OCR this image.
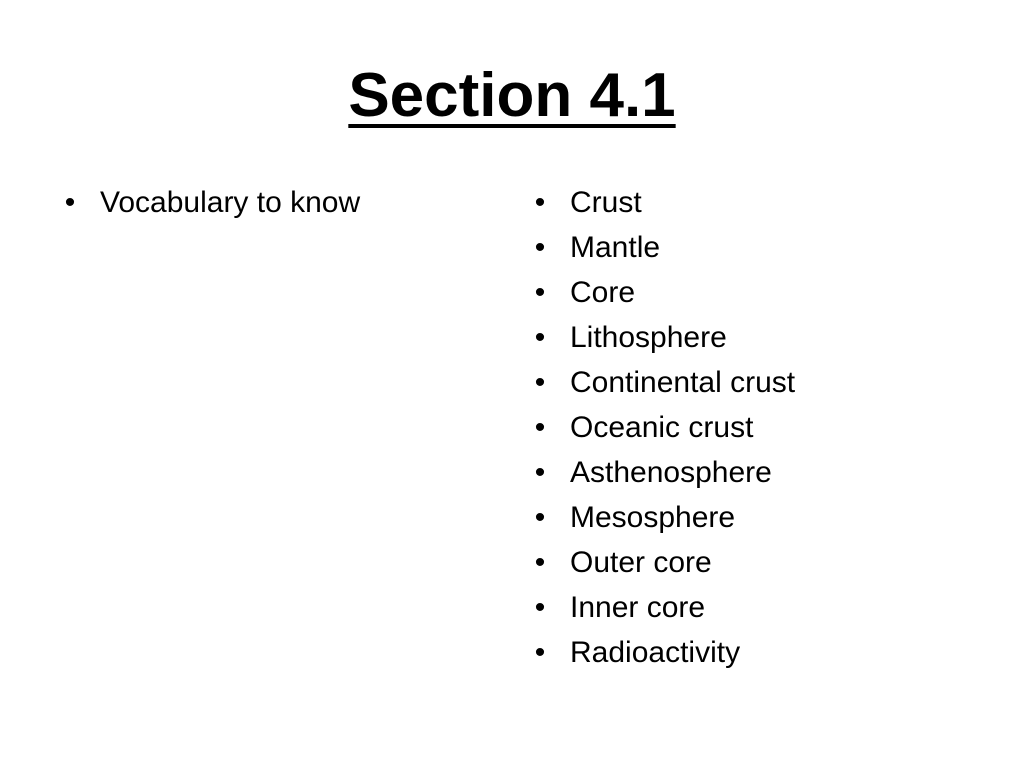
Section 4.1
• Vocabulary to know	• Crust
• Mantle
• Core
• Lithosphere
• Continental crust
• Oceanic crust
• Asthenosphere
• Mesosphere
• Outer core
• Inner core
• Radioactivity
